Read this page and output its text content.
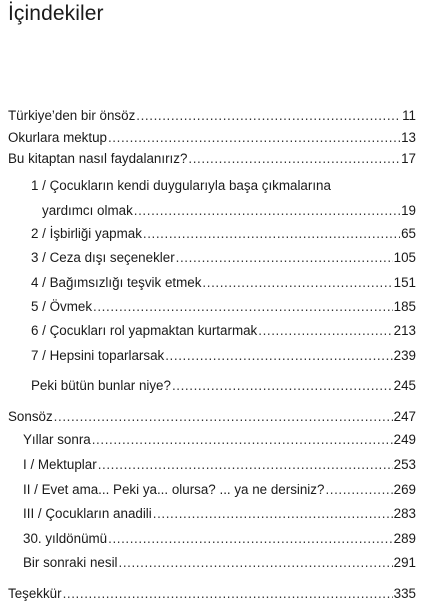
İçindekiler
Türkiye’den bir önsöz .....	11
Okurlara mektup .....	13
Bu kitaptan nasıl faydalanırız? .....	17
1 / Çocukların kendi duygularıyla başa çıkmalarına
yardımcı olmak .....	19
2 / İşbirliği yapmak .....	65
3 / Ceza dışı seçenekler .....	105
4 / Bağımsızlığı teşvik etmek .....	151
5 / Övmek .....	185
6 / Çocukları rol yapmaktan kurtarmak .....	213
7 / Hepsini toparlarsak .....	239
Peki bütün bunlar niye? .....	245
Sonsöz .....	247
Yıllar sonra .....	249
I / Mektuplar .....	253
II / Evet ama... Peki ya... olursa? ... ya ne dersiniz? .....	269
III / Çocukların anadili .....	283
30. yıldönümü .....	289
Bir sonraki nesil .....	291
Teşekkür .....	335
